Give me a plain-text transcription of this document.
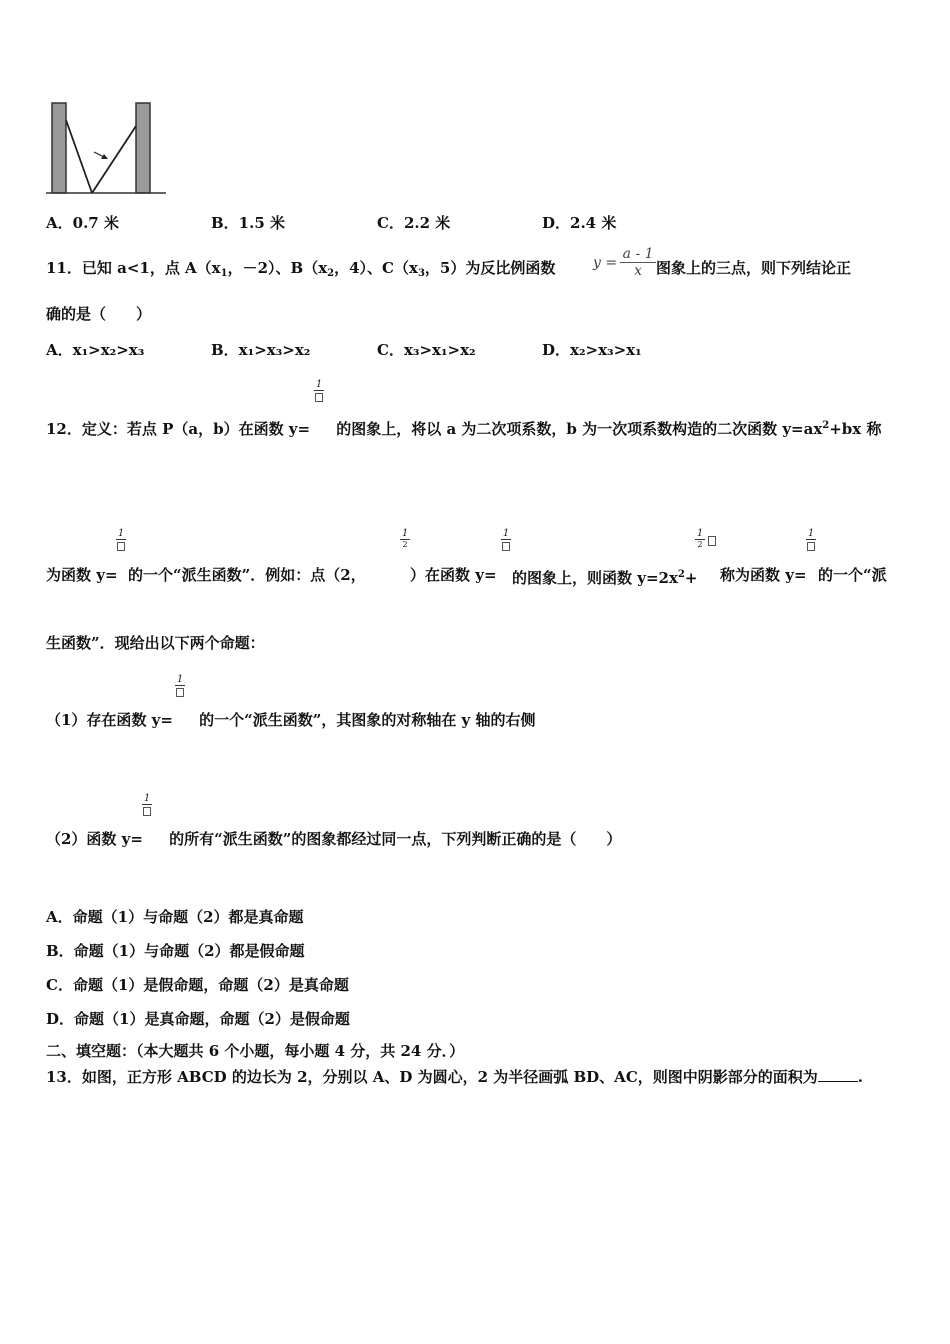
A．0.7 米	B．1.5 米	C．2.2 米	D．2.4 米
11．已知 a<1，点 $A(x_1$，－2）、$B(x_2$，4）、$C(x_3$，5）为反比例函数	y =
a - 1
x 图象上的三点，则下列结论正
确的是（　　）
A．x₁>x₂>x₃	B．x₁>x₃>x₂	C．x₃>x₁>x₂	D．x₂>x₃>x₁
1
12．定义：若点 P（a，b）在函数 y= 的图象上，将以 a 为二次项系数，b 为一次项系数构造的二次函数 $y=ax^2+bx$ 称
1	1
2
1	1
2
1
为函数 y= 的一个“派生函数”．例如：点（2，	）在函数 y= 的图象上，则函数 $y=2x^2+$ 称为函数 y= 的一个“派
生函数”．现给出以下两个命题：
1
（1）存在函数 y= 的一个“派生函数”，其图象的对称轴在 y 轴的右侧
1
（2）函数 y= 的所有“派生函数”的图象都经过同一点，下列判断正确的是（　　）
A．命题（1）与命题（2）都是真命题
B．命题（1）与命题（2）都是假命题
C．命题（1）是假命题，命题（2）是真命题
D．命题（1）是真命题，命题（2）是假命题
二、填空题：（本大题共 6 个小题，每小题 4 分，共 24 分．）
13．如图，正方形 ABCD 的边长为 2，分别以 A、D 为圆心，2 为半径画弧 BD、AC，则图中阴影部分的面积为	.
